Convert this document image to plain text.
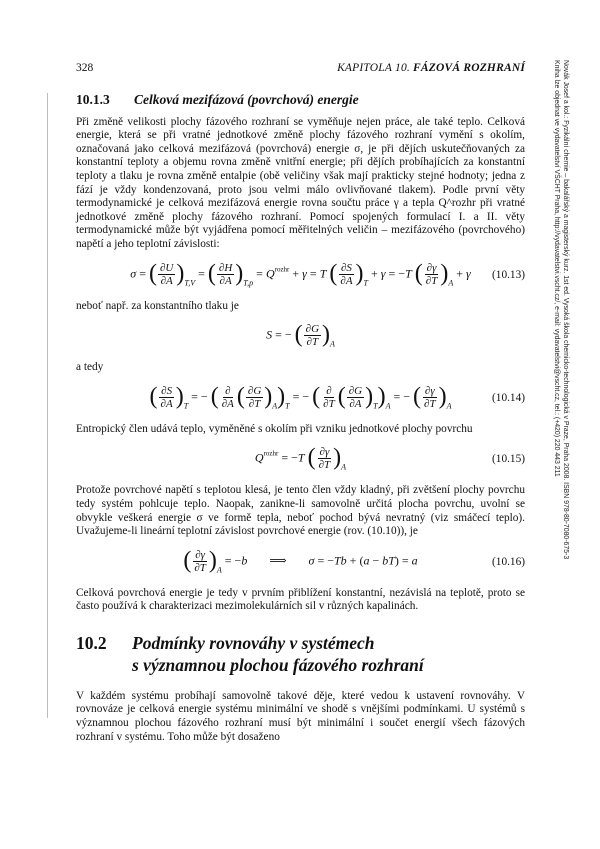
328	KAPITOLA 10. FÁZOVÁ ROZHRANÍ	Novák Josef a kol.: Fyzikální chemie – bakalářský a magisterský kurz. 1st ed. Vysoká škola chemicko-technologická v Praze, Praha 2008. ISBN 978-80-7080-675-3
Kniha lze objednat ve vydavatelství VŠCHT Praha, http://vydavatelstvi.vscht.cz/, e-mail: vydavatelstvi@vscht.cz, tel.: (+420) 220 443 211
10.1.3 Celková mezifázová (povrchová) energie

Při změně velikosti plochy fázového rozhraní se vyměňuje nejen práce, ale také teplo. Celková energie, která se při vratné jednotkové změně plochy fázového rozhraní vymění s okolím, označovaná jako celková mezifázová (povrchová) energie σ, je při dějích uskutečňovaných za konstantní teploty a objemu rovna změně vnitřní energie; při dějích probíhajících za konstantní teploty a tlaku je rovna změně entalpie (obě veličiny však mají prakticky stejné hodnoty; jedna z fází je vždy kondenzovaná, proto jsou velmi málo ovlivňované tlakem). Podle první věty termodynamické je celková mezifázová energie rovna součtu práce γ a tepla Q^rozhr při vratné jednotkové změně plochy fázového rozhraní. Pomocí spojených formulací I. a II. věty termodynamické může být vyjádřena pomocí měřitelných veličin – mezifázového (povrchového) napětí a jeho teplotní závislosti:

σ = ( $\frac{\partial U}{\partial A} )_{T,V}$ = ( $\frac{\partial H}{\partial A} )_{T,p} = Q^{rozhr} + \gamma = T$ ( $\frac{\partial S}{\partial A} )_T + \gamma = -T$ ( $\frac{\partial\gamma}{\partial T} )_A + \gamma$ (10.13)

neboť např. za konstantního tlaku je

S = − ( $\frac{\partial G}{\partial T} )_A$

a tedy

( $\frac{\partial S}{\partial A} )_T$ = − ( $\frac{\partial}{\partial A}$ ( $\frac{\partial G}{\partial T} )_A)_T$ = − ( $\frac{\partial}{\partial T}$ ( $\frac{\partial G}{\partial A} )_T)_A$ = − ( $\frac{\partial\gamma}{\partial T} )_A$
(10.14)

Entropický člen udává teplo, vyměněné s okolím při vzniku jednotkové plochy povrchu

$Q^{rozhr} = -T$ ( $\frac{\partial\gamma}{\partial T} )_A$
(10.15)

Protože povrchové napětí s teplotou klesá, je tento člen vždy kladný, při zvětšení plochy povrchu tedy systém pohlcuje teplo. Naopak, zanikne-li samovolně určitá plocha povrchu, uvolní se obvykle veškerá energie σ ve formě tepla, neboť pochod bývá nevratný (viz smáčecí teplo). Uvažujeme-li lineární teplotní závislost povrchové energie (rov. (10.10)), je

( $\frac{\partial\gamma}{\partial T} )_A = -b$  ⟹  σ = −Tb + (a − bT) = a	(10.16)

Celková povrchová energie je tedy v prvním přiblížení konstantní, nezávislá na teplotě, proto se často používá k charakterizaci mezimolekulárních sil v různých kapalinách.

10.2 Podmínky rovnováhy v systémech
s významnou plochou fázového rozhraní

V každém systému probíhají samovolně takové děje, které vedou k ustavení rovnováhy. V rovnováze je celková energie systému minimální ve shodě s vnějšími podmínkami. U systémů s významnou plochou fázového rozhraní musí být minimální i součet energií všech fázových rozhraní v systému. Toho může být dosaženo
